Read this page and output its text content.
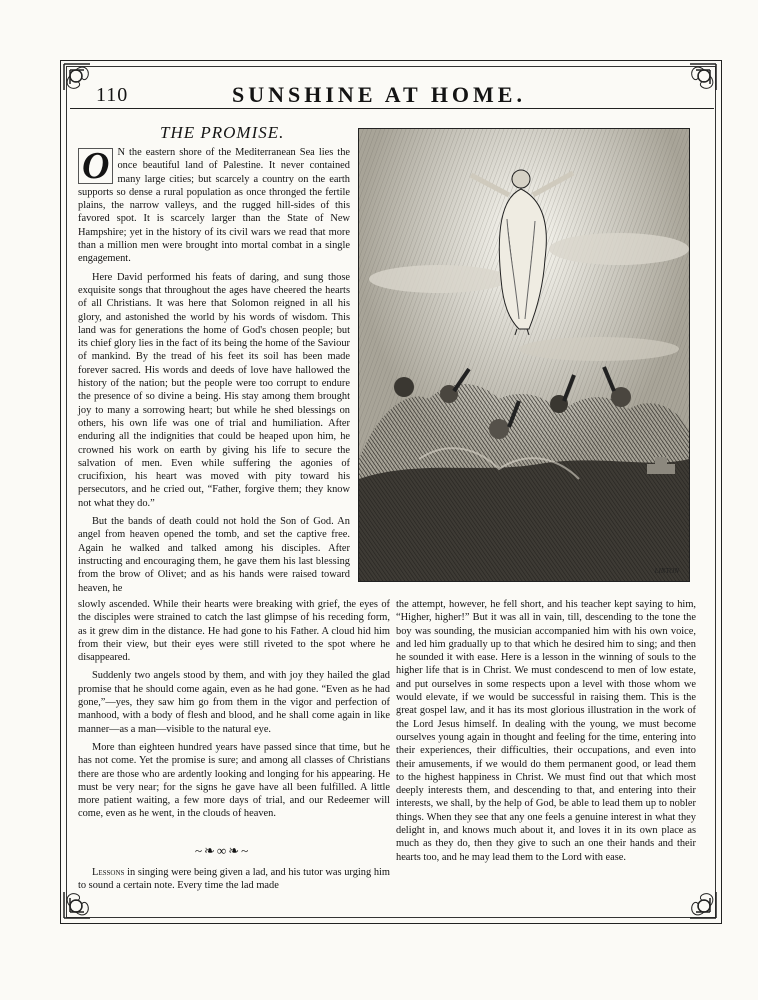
110	SUNSHINE AT HOME.
THE PROMISE.

O N the eastern shore of the Mediterranean Sea lies the once beautiful land of Palestine. It never contained many large cities; but scarcely a country on the earth supports so dense a rural population as once thronged the fertile plains, the narrow valleys, and the rugged hill-sides of this favored spot. It is scarcely larger than the State of New Hampshire; yet in the history of its civil wars we read that more than a million men were brought into mortal combat in a single engagement.

Here David performed his feats of daring, and sung those exquisite songs that throughout the ages have cheered the hearts of all Christians. It was here that Solomon reigned in all his glory, and astonished the world by his words of wisdom. This land was for generations the home of God's chosen people; but its chief glory lies in the fact of its being the home of the Saviour of mankind. By the tread of his feet its soil has been made forever sacred. His words and deeds of love have hallowed the history of the nation; but the people were too corrupt to endure the presence of so divine a being. His stay among them brought joy to many a sorrowing heart; but while he shed blessings on others, his own life was one of trial and humiliation. After enduring all the indignities that could be heaped upon him, he crowned his work on earth by giving his life to secure the salvation of men. Even while suffering the agonies of crucifixion, his heart was moved with pity toward his persecutors, and he cried out, “Father, forgive them; they know not what they do.”

But the bands of death could not hold the Son of God. An angel from heaven opened the tomb, and set the captive free. Again he walked and talked among his disciples. After instructing and encouraging them, he gave them his last blessing from the brow of Olivet; and as his hands were raised toward heaven, he

LINTON

slowly ascended. While their hearts were breaking with grief, the eyes of the disciples were strained to catch the last glimpse of his receding form, as it grew dim in the distance. He had gone to his Father. A cloud hid him from their view, but their eyes were still riveted to the spot where he disappeared.

Suddenly two angels stood by them, and with joy they hailed the glad promise that he should come again, even as he had gone. “Even as he had gone,”—yes, they saw him go from them in the vigor and perfection of manhood, with a body of flesh and blood, and he shall come again in like manner—as a man—visible to the natural eye.

More than eighteen hundred years have passed since that time, but he has not come. Yet the promise is sure; and among all classes of Christians there are those who are ardently looking and longing for his appearing. He must be very near; for the signs he gave have all been fulfilled. A little more patient waiting, a few more days of trial, and our Redeemer will come, even as he went, in the clouds of heaven.

~❧∞❧~

Lessons in singing were being given a lad, and his tutor was urging him to sound a certain note. Every time the lad made

the attempt, however, he fell short, and his teacher kept saying to him, “Higher, higher!” But it was all in vain, till, descending to the tone the boy was sounding, the musician accompanied him with his own voice, and led him gradually up to that which he desired him to sing; and then he sounded it with ease. Here is a lesson in the winning of souls to the higher life that is in Christ. We must condescend to men of low estate, and put ourselves in some respects upon a level with those whom we would elevate, if we would be successful in raising them. This is the great gospel law, and it has its most glorious illustration in the work of the Lord Jesus himself. In dealing with the young, we must become ourselves young again in thought and feeling for the time, entering into their experiences, their difficulties, their occupations, and even into their amusements, if we would do them permanent good, or lead them to the highest happiness in Christ. We must find out that which most deeply interests them, and descending to that, and entering into their interests, we shall, by the help of God, be able to lead them up to nobler things. When they see that any one feels a genuine interest in what they delight in, and knows much about it, and loves it in its own place as much as they do, then they give to such an one their hands and their hearts too, and he may lead them to the Lord with ease.
